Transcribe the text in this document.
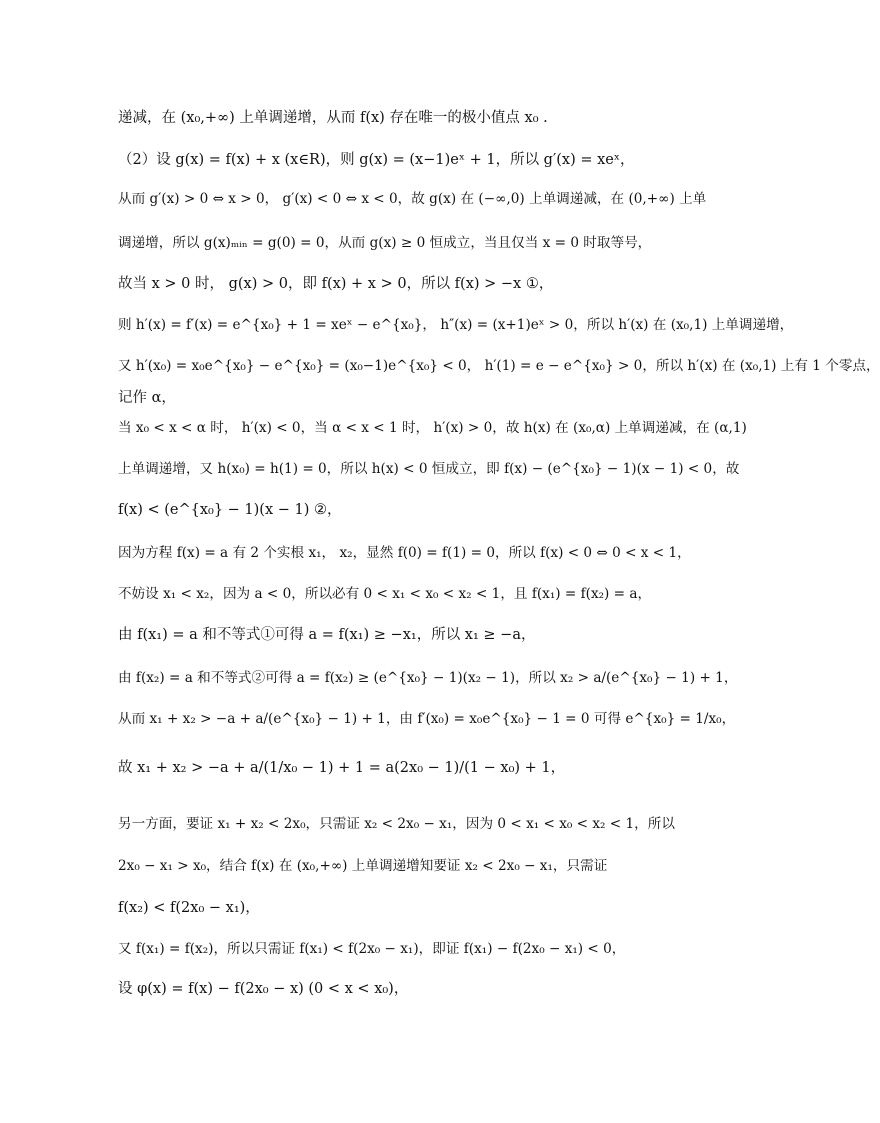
递减，在 (x₀,+∞) 上单调递增，从而 f(x) 存在唯一的极小值点 x₀ .
（2）设 g(x) = f(x) + x (x∈R)，则 g(x) = (x−1)eˣ + 1，所以 g′(x) = xeˣ，
从而 g′(x) > 0 ⇔ x > 0， g′(x) < 0 ⇔ x < 0，故 g(x) 在 (−∞,0) 上单调递减，在 (0,+∞) 上单
调递增，所以 g(x)ₘᵢₙ = g(0) = 0，从而 g(x) ≥ 0 恒成立，当且仅当 x = 0 时取等号，
故当 x > 0 时， g(x) > 0，即 f(x) + x > 0，所以 f(x) > −x ①，
则 h′(x) = f′(x) = e^{x₀} + 1 = xeˣ − e^{x₀}， h″(x) = (x+1)eˣ > 0，所以 h′(x) 在 (x₀,1) 上单调递增，
又 h′(x₀) = x₀e^{x₀} − e^{x₀} = (x₀−1)e^{x₀} < 0， h′(1) = e − e^{x₀} > 0，所以 h′(x) 在 (x₀,1) 上有 1 个零点，
记作 α，
当 x₀ < x < α 时， h′(x) < 0，当 α < x < 1 时， h′(x) > 0，故 h(x) 在 (x₀,α) 上单调递减，在 (α,1)
上单调递增，又 h(x₀) = h(1) = 0，所以 h(x) < 0 恒成立，即 f(x) − (e^{x₀} − 1)(x − 1) < 0，故
f(x) < (e^{x₀} − 1)(x − 1) ②，
因为方程 f(x) = a 有 2 个实根 x₁， x₂，显然 f(0) = f(1) = 0，所以 f(x) < 0 ⇔ 0 < x < 1，
不妨设 x₁ < x₂，因为 a < 0，所以必有 0 < x₁ < x₀ < x₂ < 1，且 f(x₁) = f(x₂) = a，
由 f(x₁) = a 和不等式①可得 a = f(x₁) ≥ −x₁，所以 x₁ ≥ −a，
由 f(x₂) = a 和不等式②可得 a = f(x₂) ≥ (e^{x₀} − 1)(x₂ − 1)，所以 x₂ > a/(e^{x₀} − 1) + 1，
从而 x₁ + x₂ > −a + a/(e^{x₀} − 1) + 1，由 f′(x₀) = x₀e^{x₀} − 1 = 0 可得 e^{x₀} = 1/x₀，
故 x₁ + x₂ > −a + a/(1/x₀ − 1) + 1 = a(2x₀ − 1)/(1 − x₀) + 1，
另一方面，要证 x₁ + x₂ < 2x₀，只需证 x₂ < 2x₀ − x₁，因为 0 < x₁ < x₀ < x₂ < 1，所以
2x₀ − x₁ > x₀，结合 f(x) 在 (x₀,+∞) 上单调递增知要证 x₂ < 2x₀ − x₁，只需证
f(x₂) < f(2x₀ − x₁)，
又 f(x₁) = f(x₂)，所以只需证 f(x₁) < f(2x₀ − x₁)，即证 f(x₁) − f(2x₀ − x₁) < 0，
设 φ(x) = f(x) − f(2x₀ − x) (0 < x < x₀)，
